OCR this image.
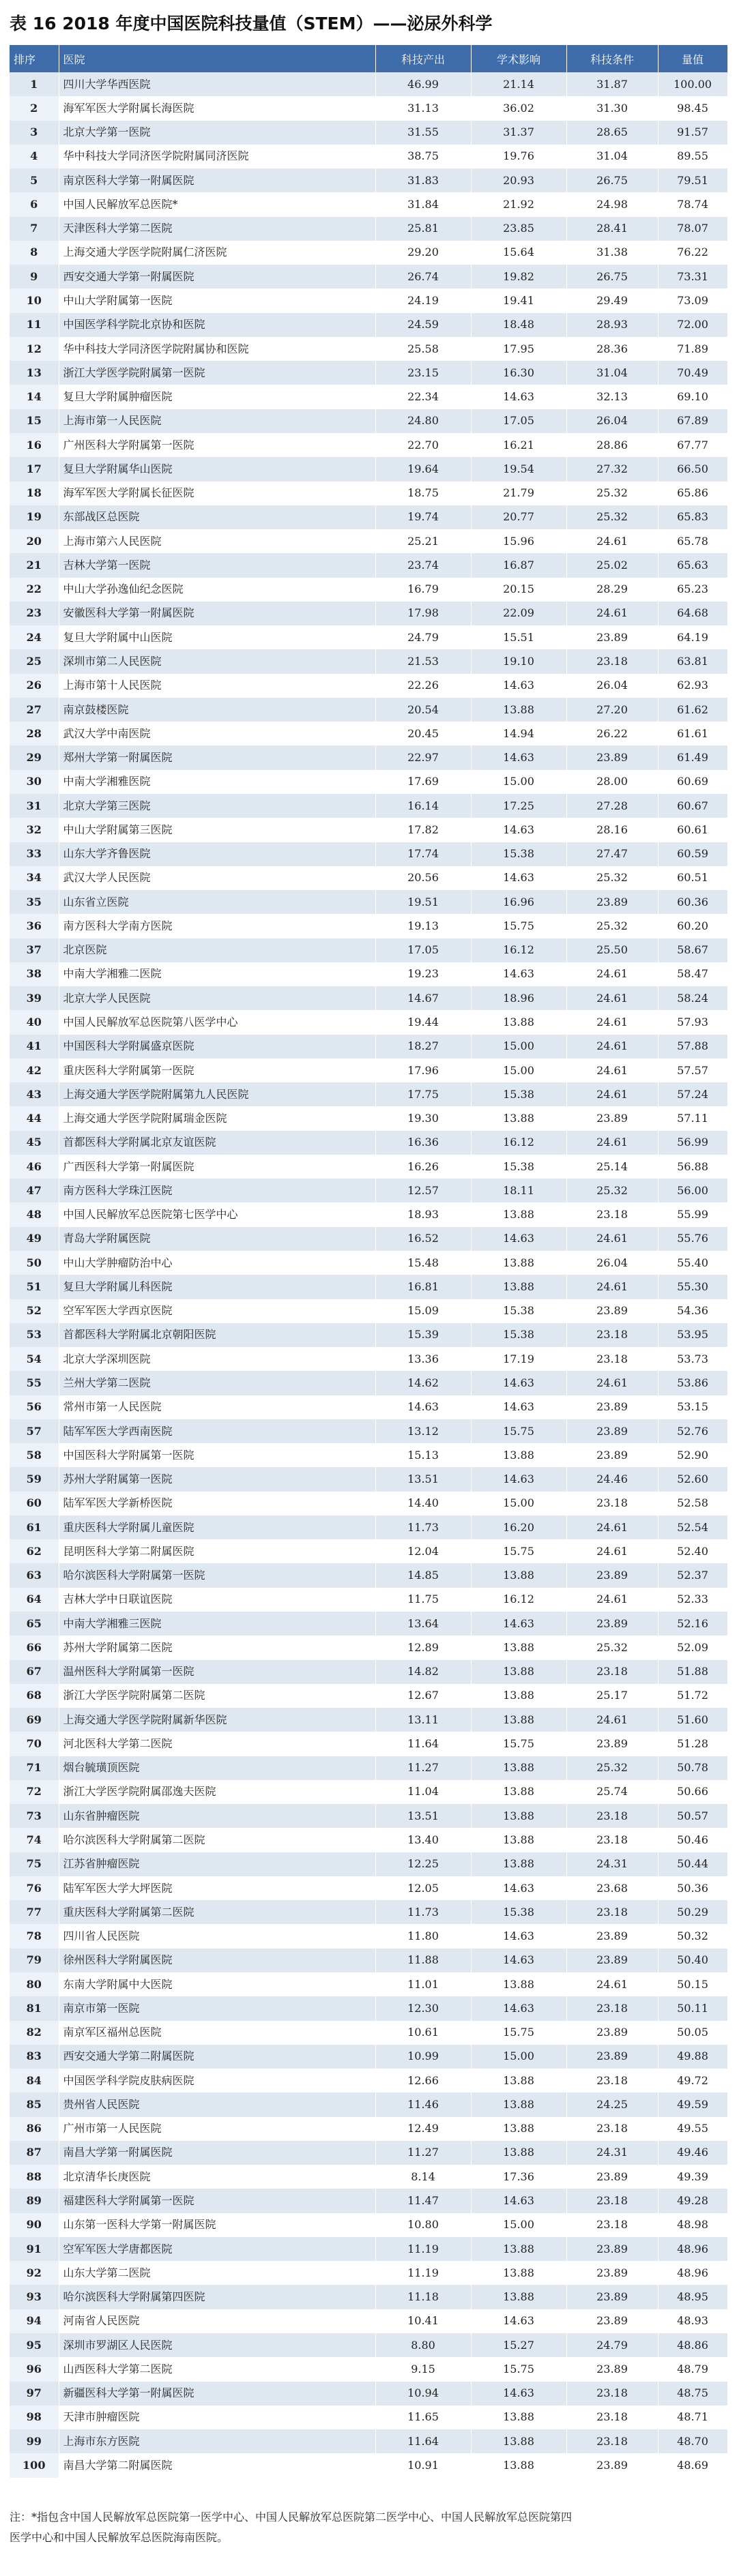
表 16 2018 年度中国医院科技量值（STEM）——泌尿外科学
排序	医院	科技产出	学术影响	科技条件	量值
1	四川大学华西医院	46.99	21.14	31.87	100.00
2	海军军医大学附属长海医院	31.13	36.02	31.30	98.45
3	北京大学第一医院	31.55	31.37	28.65	91.57
4	华中科技大学同济医学院附属同济医院	38.75	19.76	31.04	89.55
5	南京医科大学第一附属医院	31.83	20.93	26.75	79.51
6	中国人民解放军总医院*	31.84	21.92	24.98	78.74
7	天津医科大学第二医院	25.81	23.85	28.41	78.07
8	上海交通大学医学院附属仁济医院	29.20	15.64	31.38	76.22
9	西安交通大学第一附属医院	26.74	19.82	26.75	73.31
10	中山大学附属第一医院	24.19	19.41	29.49	73.09
11	中国医学科学院北京协和医院	24.59	18.48	28.93	72.00
12	华中科技大学同济医学院附属协和医院	25.58	17.95	28.36	71.89
13	浙江大学医学院附属第一医院	23.15	16.30	31.04	70.49
14	复旦大学附属肿瘤医院	22.34	14.63	32.13	69.10
15	上海市第一人民医院	24.80	17.05	26.04	67.89
16	广州医科大学附属第一医院	22.70	16.21	28.86	67.77
17	复旦大学附属华山医院	19.64	19.54	27.32	66.50
18	海军军医大学附属长征医院	18.75	21.79	25.32	65.86
19	东部战区总医院	19.74	20.77	25.32	65.83
20	上海市第六人民医院	25.21	15.96	24.61	65.78
21	吉林大学第一医院	23.74	16.87	25.02	65.63
22	中山大学孙逸仙纪念医院	16.79	20.15	28.29	65.23
23	安徽医科大学第一附属医院	17.98	22.09	24.61	64.68
24	复旦大学附属中山医院	24.79	15.51	23.89	64.19
25	深圳市第二人民医院	21.53	19.10	23.18	63.81
26	上海市第十人民医院	22.26	14.63	26.04	62.93
27	南京鼓楼医院	20.54	13.88	27.20	61.62
28	武汉大学中南医院	20.45	14.94	26.22	61.61
29	郑州大学第一附属医院	22.97	14.63	23.89	61.49
30	中南大学湘雅医院	17.69	15.00	28.00	60.69
31	北京大学第三医院	16.14	17.25	27.28	60.67
32	中山大学附属第三医院	17.82	14.63	28.16	60.61
33	山东大学齐鲁医院	17.74	15.38	27.47	60.59
34	武汉大学人民医院	20.56	14.63	25.32	60.51
35	山东省立医院	19.51	16.96	23.89	60.36
36	南方医科大学南方医院	19.13	15.75	25.32	60.20
37	北京医院	17.05	16.12	25.50	58.67
38	中南大学湘雅二医院	19.23	14.63	24.61	58.47
39	北京大学人民医院	14.67	18.96	24.61	58.24
40	中国人民解放军总医院第八医学中心	19.44	13.88	24.61	57.93
41	中国医科大学附属盛京医院	18.27	15.00	24.61	57.88
42	重庆医科大学附属第一医院	17.96	15.00	24.61	57.57
43	上海交通大学医学院附属第九人民医院	17.75	15.38	24.61	57.24
44	上海交通大学医学院附属瑞金医院	19.30	13.88	23.89	57.11
45	首都医科大学附属北京友谊医院	16.36	16.12	24.61	56.99
46	广西医科大学第一附属医院	16.26	15.38	25.14	56.88
47	南方医科大学珠江医院	12.57	18.11	25.32	56.00
48	中国人民解放军总医院第七医学中心	18.93	13.88	23.18	55.99
49	青岛大学附属医院	16.52	14.63	24.61	55.76
50	中山大学肿瘤防治中心	15.48	13.88	26.04	55.40
51	复旦大学附属儿科医院	16.81	13.88	24.61	55.30
52	空军军医大学西京医院	15.09	15.38	23.89	54.36
53	首都医科大学附属北京朝阳医院	15.39	15.38	23.18	53.95
54	北京大学深圳医院	13.36	17.19	23.18	53.73
55	兰州大学第二医院	14.62	14.63	24.61	53.86
56	常州市第一人民医院	14.63	14.63	23.89	53.15
57	陆军军医大学西南医院	13.12	15.75	23.89	52.76
58	中国医科大学附属第一医院	15.13	13.88	23.89	52.90
59	苏州大学附属第一医院	13.51	14.63	24.46	52.60
60	陆军军医大学新桥医院	14.40	15.00	23.18	52.58
61	重庆医科大学附属儿童医院	11.73	16.20	24.61	52.54
62	昆明医科大学第二附属医院	12.04	15.75	24.61	52.40
63	哈尔滨医科大学附属第一医院	14.85	13.88	23.89	52.37
64	吉林大学中日联谊医院	11.75	16.12	24.61	52.33
65	中南大学湘雅三医院	13.64	14.63	23.89	52.16
66	苏州大学附属第二医院	12.89	13.88	25.32	52.09
67	温州医科大学附属第一医院	14.82	13.88	23.18	51.88
68	浙江大学医学院附属第二医院	12.67	13.88	25.17	51.72
69	上海交通大学医学院附属新华医院	13.11	13.88	24.61	51.60
70	河北医科大学第二医院	11.64	15.75	23.89	51.28
71	烟台毓璜顶医院	11.27	13.88	25.32	50.78
72	浙江大学医学院附属邵逸夫医院	11.04	13.88	25.74	50.66
73	山东省肿瘤医院	13.51	13.88	23.18	50.57
74	哈尔滨医科大学附属第二医院	13.40	13.88	23.18	50.46
75	江苏省肿瘤医院	12.25	13.88	24.31	50.44
76	陆军军医大学大坪医院	12.05	14.63	23.68	50.36
77	重庆医科大学附属第二医院	11.73	15.38	23.18	50.29
78	四川省人民医院	11.80	14.63	23.89	50.32
79	徐州医科大学附属医院	11.88	14.63	23.89	50.40
80	东南大学附属中大医院	11.01	13.88	24.61	50.15
81	南京市第一医院	12.30	14.63	23.18	50.11
82	南京军区福州总医院	10.61	15.75	23.89	50.05
83	西安交通大学第二附属医院	10.99	15.00	23.89	49.88
84	中国医学科学院皮肤病医院	12.66	13.88	23.18	49.72
85	贵州省人民医院	11.46	13.88	24.25	49.59
86	广州市第一人民医院	12.49	13.88	23.18	49.55
87	南昌大学第一附属医院	11.27	13.88	24.31	49.46
88	北京清华长庚医院	8.14	17.36	23.89	49.39
89	福建医科大学附属第一医院	11.47	14.63	23.18	49.28
90	山东第一医科大学第一附属医院	10.80	15.00	23.18	48.98
91	空军军医大学唐都医院	11.19	13.88	23.89	48.96
92	山东大学第二医院	11.19	13.88	23.89	48.96
93	哈尔滨医科大学附属第四医院	11.18	13.88	23.89	48.95
94	河南省人民医院	10.41	14.63	23.89	48.93
95	深圳市罗湖区人民医院	8.80	15.27	24.79	48.86
96	山西医科大学第二医院	9.15	15.75	23.89	48.79
97	新疆医科大学第一附属医院	10.94	14.63	23.18	48.75
98	天津市肿瘤医院	11.65	13.88	23.18	48.71
99	上海市东方医院	11.64	13.88	23.18	48.70
100	南昌大学第二附属医院	10.91	13.88	23.89	48.69
注：*指包含中国人民解放军总医院第一医学中心、中国人民解放军总医院第二医学中心、中国人民解放军总医院第四
医学中心和中国人民解放军总医院海南医院。
